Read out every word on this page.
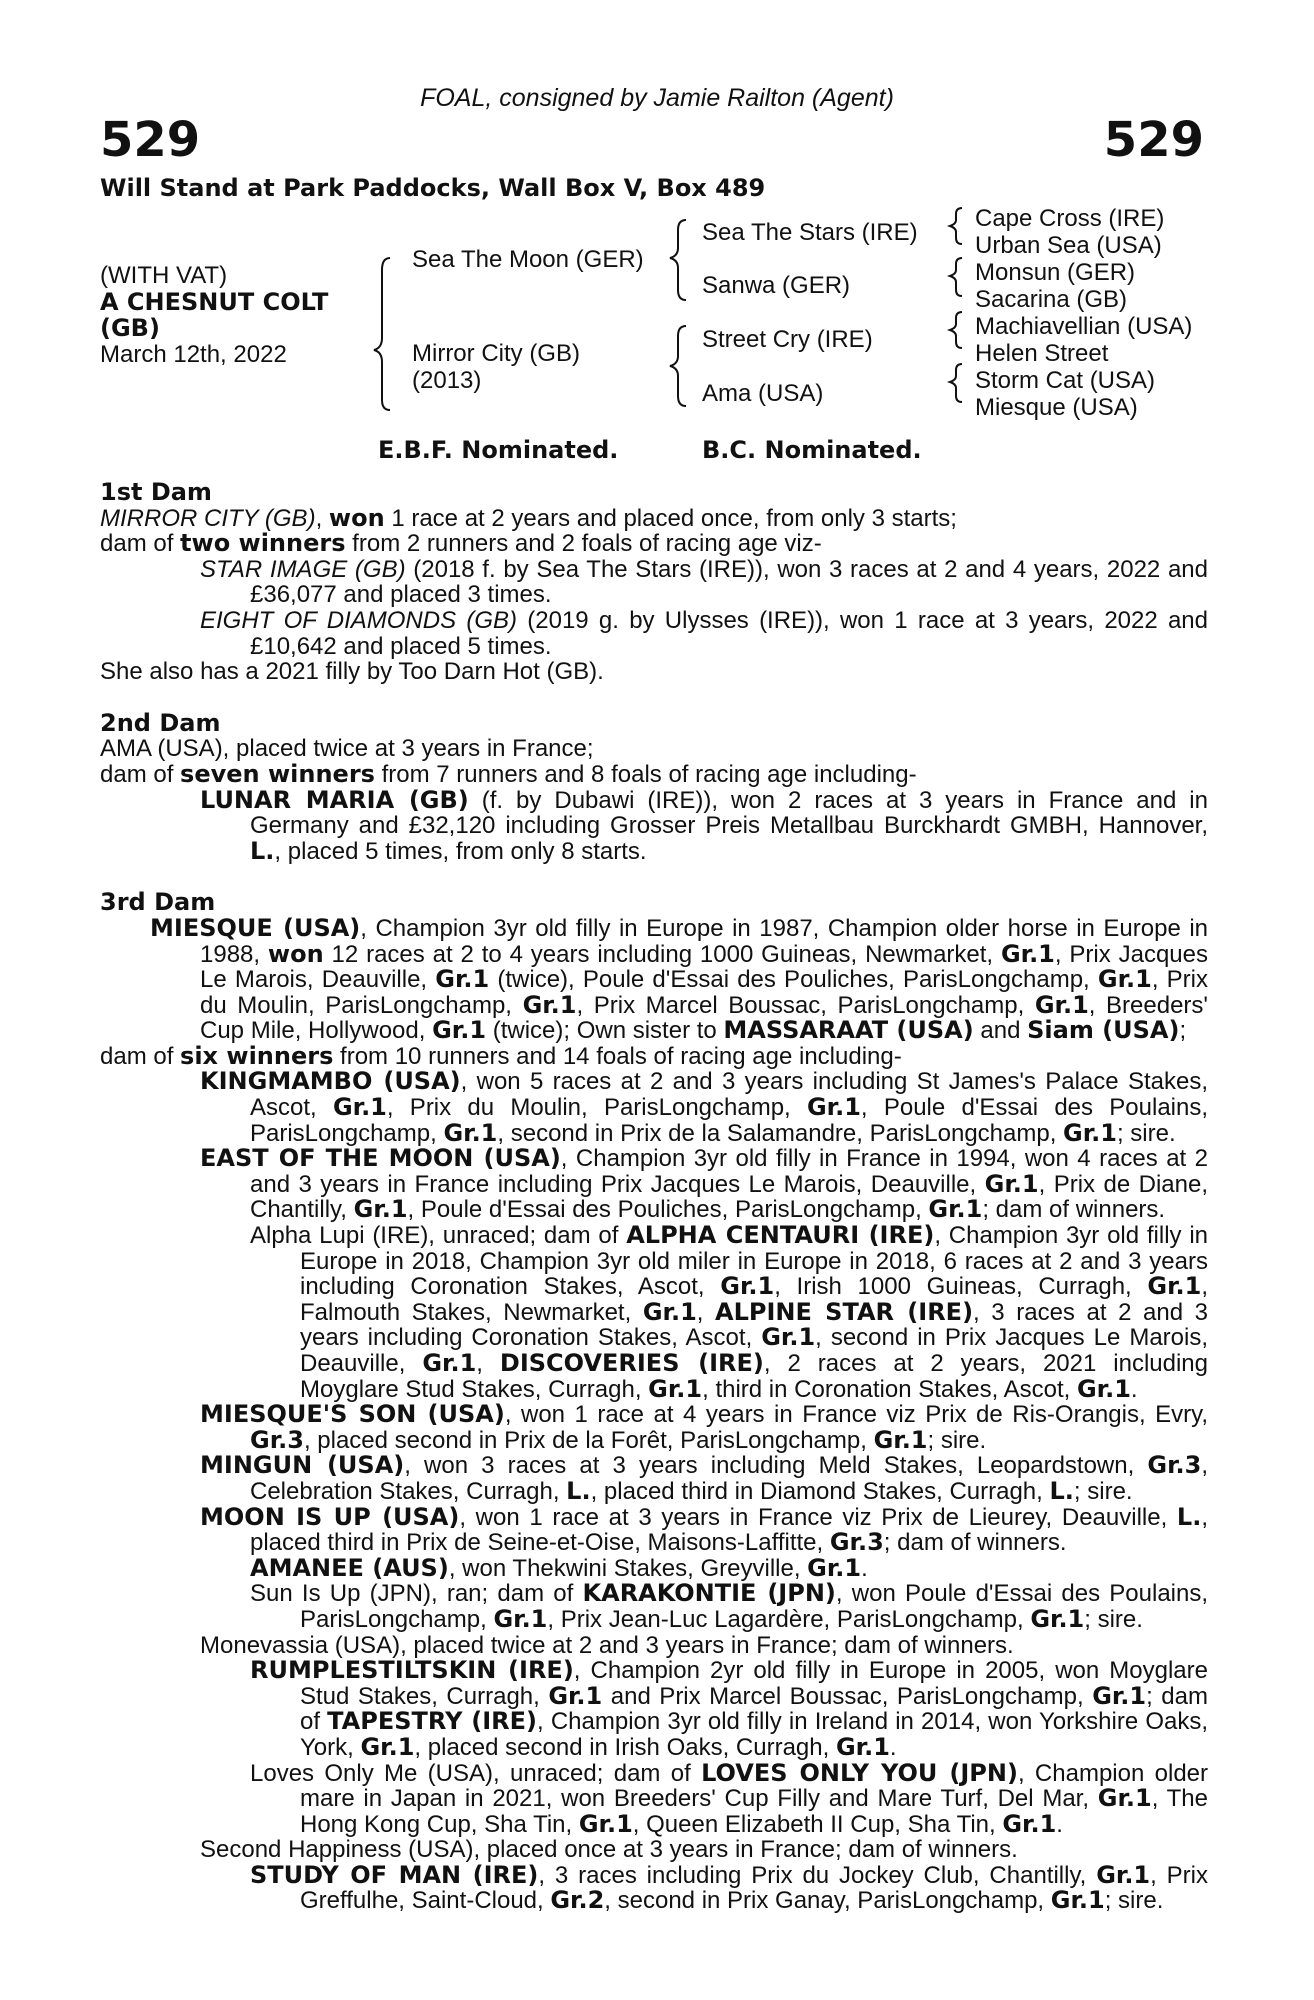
FOAL, consigned by Jamie Railton (Agent)
529	529
Will Stand at Park Paddocks, Wall Box V, Box 489
(WITH VAT)
A CHESNUT COLT
(GB)
March 12th, 2022
Sea The Moon (GER)
Mirror City (GB)
(2013)
Sea The Stars (IRE)
Sanwa (GER)
Street Cry (IRE)
Ama (USA)
Cape Cross (IRE)
Urban Sea (USA)
Monsun (GER)
Sacarina (GB)
Machiavellian (USA)
Helen Street
Storm Cat (USA)
Miesque (USA)
E.B.F. Nominated.	B.C. Nominated.
1st Dam
MIRROR CITY (GB), won 1 race at 2 years and placed once, from only 3 starts;
dam of two winners from 2 runners and 2 foals of racing age viz-
STAR IMAGE (GB) (2018 f. by Sea The Stars (IRE)), won 3 races at 2 and 4 years, 2022 and £36,077 and placed 3 times.
EIGHT OF DIAMONDS (GB) (2019 g. by Ulysses (IRE)), won 1 race at 3 years, 2022 and £10,642 and placed 5 times.
She also has a 2021 filly by Too Darn Hot (GB).
2nd Dam
AMA (USA), placed twice at 3 years in France;
dam of seven winners from 7 runners and 8 foals of racing age including-
LUNAR MARIA (GB) (f. by Dubawi (IRE)), won 2 races at 3 years in France and in Germany and £32,120 including Grosser Preis Metallbau Burckhardt GMBH, Hannover, L., placed 5 times, from only 8 starts.
3rd Dam
MIESQUE (USA), Champion 3yr old filly in Europe in 1987, Champion older horse in Europe in 1988, won 12 races at 2 to 4 years including 1000 Guineas, Newmarket, Gr.1, Prix Jacques Le Marois, Deauville, Gr.1 (twice), Poule d'Essai des Pouliches, ParisLongchamp, Gr.1, Prix du Moulin, ParisLongchamp, Gr.1, Prix Marcel Boussac, ParisLongchamp, Gr.1, Breeders' Cup Mile, Hollywood, Gr.1 (twice); Own sister to MASSARAAT (USA) and Siam (USA);
dam of six winners from 10 runners and 14 foals of racing age including-
KINGMAMBO (USA), won 5 races at 2 and 3 years including St James's Palace Stakes, Ascot, Gr.1, Prix du Moulin, ParisLongchamp, Gr.1, Poule d'Essai des Poulains, ParisLongchamp, Gr.1, second in Prix de la Salamandre, ParisLongchamp, Gr.1; sire.
EAST OF THE MOON (USA), Champion 3yr old filly in France in 1994, won 4 races at 2 and 3 years in France including Prix Jacques Le Marois, Deauville, Gr.1, Prix de Diane, Chantilly, Gr.1, Poule d'Essai des Pouliches, ParisLongchamp, Gr.1; dam of winners.
Alpha Lupi (IRE), unraced; dam of ALPHA CENTAURI (IRE), Champion 3yr old filly in Europe in 2018, Champion 3yr old miler in Europe in 2018, 6 races at 2 and 3 years including Coronation Stakes, Ascot, Gr.1, Irish 1000 Guineas, Curragh, Gr.1, Falmouth Stakes, Newmarket, Gr.1, ALPINE STAR (IRE), 3 races at 2 and 3 years including Coronation Stakes, Ascot, Gr.1, second in Prix Jacques Le Marois, Deauville, Gr.1, DISCOVERIES (IRE), 2 races at 2 years, 2021 including Moyglare Stud Stakes, Curragh, Gr.1, third in Coronation Stakes, Ascot, Gr.1.
MIESQUE'S SON (USA), won 1 race at 4 years in France viz Prix de Ris-Orangis, Evry, Gr.3, placed second in Prix de la Forêt, ParisLongchamp, Gr.1; sire.
MINGUN (USA), won 3 races at 3 years including Meld Stakes, Leopardstown, Gr.3, Celebration Stakes, Curragh, L., placed third in Diamond Stakes, Curragh, L.; sire.
MOON IS UP (USA), won 1 race at 3 years in France viz Prix de Lieurey, Deauville, L., placed third in Prix de Seine-et-Oise, Maisons-Laffitte, Gr.3; dam of winners.
AMANEE (AUS), won Thekwini Stakes, Greyville, Gr.1.
Sun Is Up (JPN), ran; dam of KARAKONTIE (JPN), won Poule d'Essai des Poulains, ParisLongchamp, Gr.1, Prix Jean-Luc Lagardère, ParisLongchamp, Gr.1; sire.
Monevassia (USA), placed twice at 2 and 3 years in France; dam of winners.
RUMPLESTILTSKIN (IRE), Champion 2yr old filly in Europe in 2005, won Moyglare Stud Stakes, Curragh, Gr.1 and Prix Marcel Boussac, ParisLongchamp, Gr.1; dam of TAPESTRY (IRE), Champion 3yr old filly in Ireland in 2014, won Yorkshire Oaks, York, Gr.1, placed second in Irish Oaks, Curragh, Gr.1.
Loves Only Me (USA), unraced; dam of LOVES ONLY YOU (JPN), Champion older mare in Japan in 2021, won Breeders' Cup Filly and Mare Turf, Del Mar, Gr.1, The Hong Kong Cup, Sha Tin, Gr.1, Queen Elizabeth II Cup, Sha Tin, Gr.1.
Second Happiness (USA), placed once at 3 years in France; dam of winners.
STUDY OF MAN (IRE), 3 races including Prix du Jockey Club, Chantilly, Gr.1, Prix Greffulhe, Saint-Cloud, Gr.2, second in Prix Ganay, ParisLongchamp, Gr.1; sire.
